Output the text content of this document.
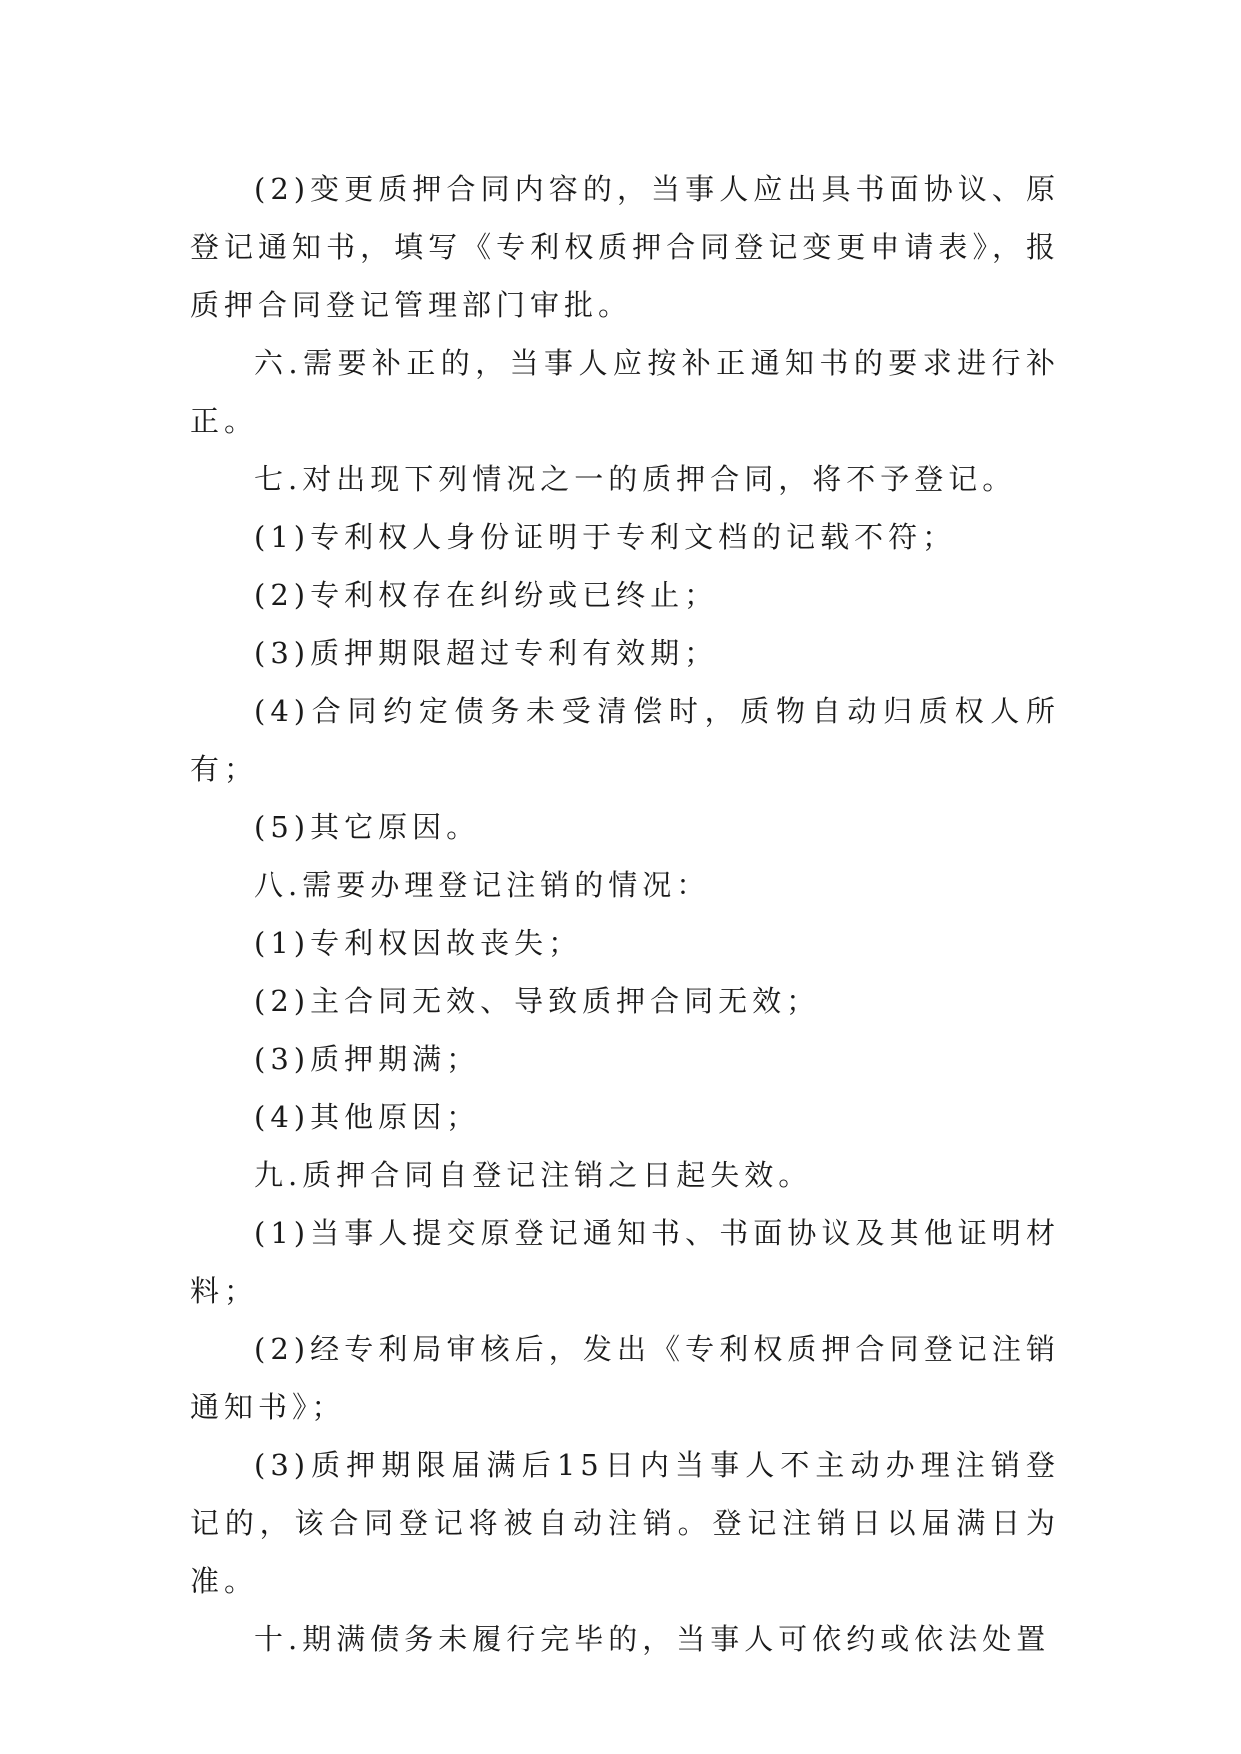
(2)变更质押合同内容的，当事人应出具书面协议、原登记通知书，填写《专利权质押合同登记变更申请表》，报质押合同登记管理部门审批。

六.需要补正的，当事人应按补正通知书的要求进行补正。

七.对出现下列情况之一的质押合同，将不予登记。

(1)专利权人身份证明于专利文档的记载不符；

(2)专利权存在纠纷或已终止；

(3)质押期限超过专利有效期；

(4)合同约定债务未受清偿时，质物自动归质权人所有；

(5)其它原因。

八.需要办理登记注销的情况：

(1)专利权因故丧失；

(2)主合同无效、导致质押合同无效；

(3)质押期满；

(4)其他原因；

九.质押合同自登记注销之日起失效。

(1)当事人提交原登记通知书、书面协议及其他证明材料；

(2)经专利局审核后，发出《专利权质押合同登记注销通知书》；

(3)质押期限届满后15日内当事人不主动办理注销登记的，该合同登记将被自动注销。登记注销日以届满日为准。

十.期满债务未履行完毕的，当事人可依约或依法处置
